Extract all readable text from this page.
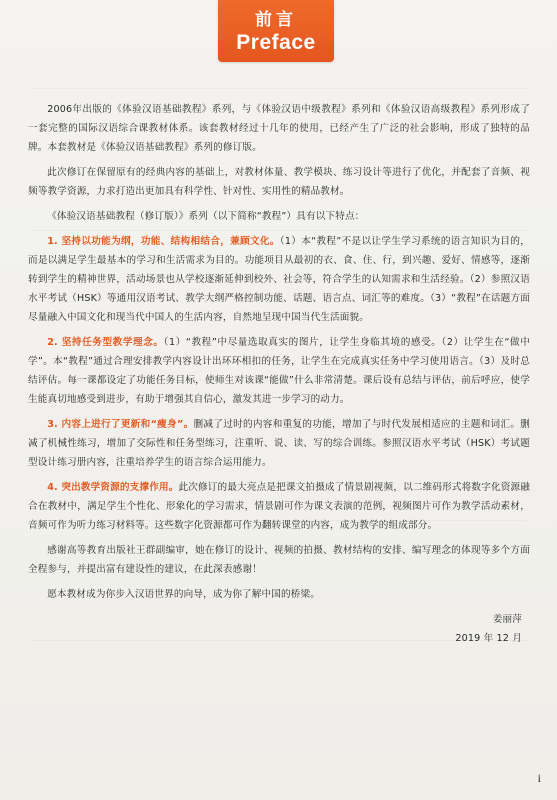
前言
Preface

2006年出版的《体验汉语基础教程》系列，与《体验汉语中级教程》系列和《体验汉语高级教程》系列形成了一套完整的国际汉语综合课教材体系。该套教材经过十几年的使用，已经产生了广泛的社会影响，形成了独特的品牌。本套教材是《体验汉语基础教程》系列的修订版。

此次修订在保留原有的经典内容的基础上，对教材体量、教学模块、练习设计等进行了优化，并配套了音频、视频等教学资源，力求打造出更加具有科学性、针对性、实用性的精品教材。

《体验汉语基础教程（修订版）》系列（以下简称“教程”）具有以下特点：

1. 坚持以功能为纲，功能、结构相结合，兼顾文化。（1）本“教程”不是以让学生学习系统的语言知识为目的，而是以满足学生最基本的学习和生活需求为目的。功能项目从最初的衣、食、住、行，到兴趣、爱好、情感等，逐渐转到学生的精神世界，活动场景也从学校逐渐延伸到校外、社会等，符合学生的认知需求和生活经验。（2）参照汉语水平考试（HSK）等通用汉语考试、教学大纲严格控制功能、话题、语言点、词汇等的难度。（3）“教程”在话题方面尽量融入中国文化和现当代中国人的生活内容，自然地呈现中国当代生活面貌。

2. 坚持任务型教学理念。（1）“教程”中尽量选取真实的图片，让学生身临其境的感受。（2）让学生在“做中学”。本“教程”通过合理安排教学内容设计出环环相扣的任务，让学生在完成真实任务中学习使用语言。（3）及时总结评估。每一课都设定了功能任务目标，使师生对该课“能做”什么非常清楚。课后设有总结与评估，前后呼应，使学生能真切地感受到进步，有助于增强其自信心，激发其进一步学习的动力。

3. 内容上进行了更新和“瘦身”。删减了过时的内容和重复的功能，增加了与时代发展相适应的主题和词汇。删减了机械性练习，增加了交际性和任务型练习，注重听、说、读、写的综合训练。参照汉语水平考试（HSK）考试题型设计练习册内容，注重培养学生的语言综合运用能力。

4. 突出教学资源的支撑作用。此次修订的最大亮点是把课文拍摄成了情景剧视频，以二维码形式将数字化资源融合在教材中，满足学生个性化、形象化的学习需求，情景剧可作为课文表演的范例，视频图片可作为教学活动素材，音频可作为听力练习材料等。这些数字化资源都可作为翻转课堂的内容，成为教学的组成部分。

感谢高等教育出版社王群副编审，她在修订的设计、视频的拍摄、教材结构的安排、编写理念的体现等多个方面全程参与，并提出富有建设性的建议，在此深表感谢！

愿本教材成为你步入汉语世界的向导，成为你了解中国的桥梁。

姜丽萍

2019 年 12 月

i
